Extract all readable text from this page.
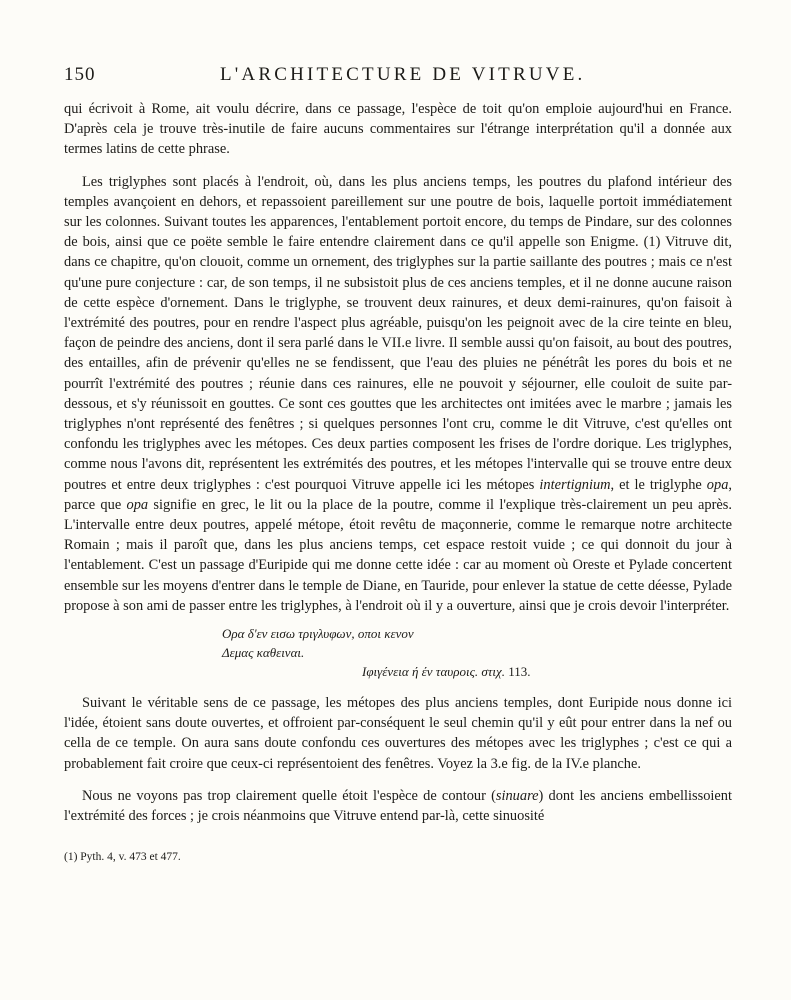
150	L'ARCHITECTURE DE VITRUVE.

qui écrivoit à Rome, ait voulu décrire, dans ce passage, l'espèce de toit qu'on emploie aujourd'hui en France. D'après cela je trouve très-inutile de faire aucuns commentaires sur l'étrange interprétation qu'il a donnée aux termes latins de cette phrase.

Les triglyphes sont placés à l'endroit, où, dans les plus anciens temps, les poutres du plafond intérieur des temples avançoient en dehors, et repassoient pareillement sur une poutre de bois, laquelle portoit immédiatement sur les colonnes. Suivant toutes les apparences, l'entablement portoit encore, du temps de Pindare, sur des colonnes de bois, ainsi que ce poëte semble le faire entendre clairement dans ce qu'il appelle son Enigme. (1) Vitruve dit, dans ce chapitre, qu'on clouoit, comme un ornement, des triglyphes sur la partie saillante des poutres ; mais ce n'est qu'une pure conjecture : car, de son temps, il ne subsistoit plus de ces anciens temples, et il ne donne aucune raison de cette espèce d'ornement. Dans le triglyphe, se trouvent deux rainures, et deux demi-rainures, qu'on faisoit à l'extrémité des poutres, pour en rendre l'aspect plus agréable, puisqu'on les peignoit avec de la cire teinte en bleu, façon de peindre des anciens, dont il sera parlé dans le VII.e livre. Il semble aussi qu'on faisoit, au bout des poutres, des entailles, afin de prévenir qu'elles ne se fendissent, que l'eau des pluies ne pénétrât les pores du bois et ne pourrît l'extrémité des poutres ; réunie dans ces rainures, elle ne pouvoit y séjourner, elle couloit de suite par-dessous, et s'y réunissoit en gouttes. Ce sont ces gouttes que les architectes ont imitées avec le marbre ; jamais les triglyphes n'ont représenté des fenêtres ; si quelques personnes l'ont cru, comme le dit Vitruve, c'est qu'elles ont confondu les triglyphes avec les métopes. Ces deux parties composent les frises de l'ordre dorique. Les triglyphes, comme nous l'avons dit, représentent les extrémités des poutres, et les métopes l'intervalle qui se trouve entre deux poutres et entre deux triglyphes : c'est pourquoi Vitruve appelle ici les métopes intertignium, et le triglyphe opa, parce que opa signifie en grec, le lit ou la place de la poutre, comme il l'explique très-clairement un peu après. L'intervalle entre deux poutres, appelé métope, étoit revêtu de maçonnerie, comme le remarque notre architecte Romain ; mais il paroît que, dans les plus anciens temps, cet espace restoit vuide ; ce qui donnoit du jour à l'entablement. C'est un passage d'Euripide qui me donne cette idée : car au moment où Oreste et Pylade concertent ensemble sur les moyens d'entrer dans le temple de Diane, en Tauride, pour enlever la statue de cette déesse, Pylade propose à son ami de passer entre les triglyphes, à l'endroit où il y a ouverture, ainsi que je crois devoir l'interpréter.

Ορα δ'εν εισω τριγλυφων, οποι κενον
Δεμας καθειναι.
Ιφιγένεια ή έν ταυροις. στιχ. 113.

Suivant le véritable sens de ce passage, les métopes des plus anciens temples, dont Euripide nous donne ici l'idée, étoient sans doute ouvertes, et offroient par-conséquent le seul chemin qu'il y eût pour entrer dans la nef ou cella de ce temple. On aura sans doute confondu ces ouvertures des métopes avec les triglyphes ; c'est ce qui a probablement fait croire que ceux-ci représentoient des fenêtres. Voyez la 3.e fig. de la IV.e planche.

Nous ne voyons pas trop clairement quelle étoit l'espèce de contour (sinuare) dont les anciens embellissoient l'extrémité des forces ; je crois néanmoins que Vitruve entend par-là, cette sinuosité

(1) Pyth. 4, v. 473 et 477.
